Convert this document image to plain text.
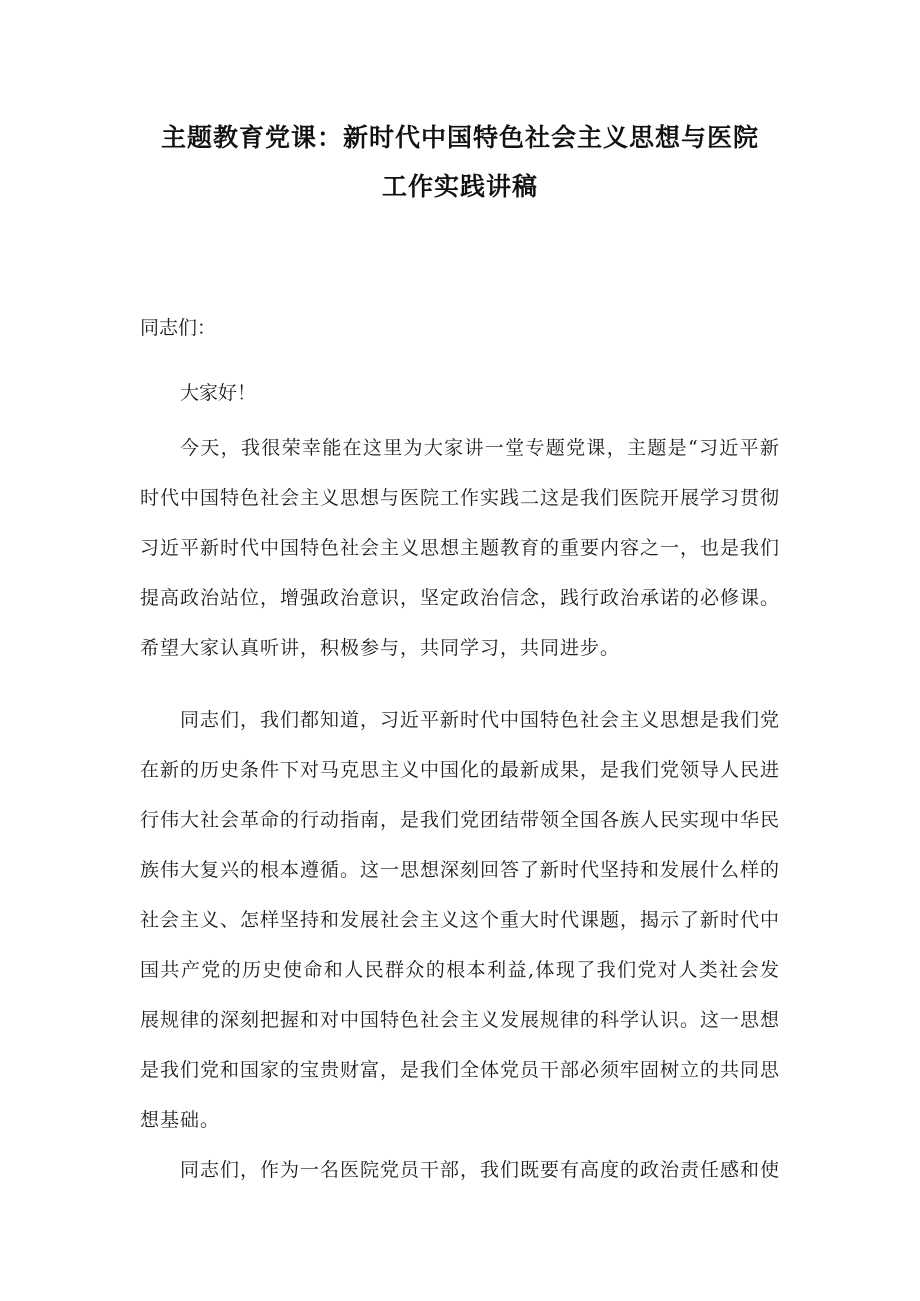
主题教育党课：新时代中国特色社会主义思想与医院
工作实践讲稿
同志们：
大家好！
今天，我很荣幸能在这里为大家讲一堂专题党课，主题是“习近平新时代中国特色社会主义思想与医院工作实践二这是我们医院开展学习贯彻习近平新时代中国特色社会主义思想主题教育的重要内容之一，也是我们提高政治站位，增强政治意识，坚定政治信念，践行政治承诺的必修课。希望大家认真听讲，积极参与，共同学习，共同进步。
同志们，我们都知道，习近平新时代中国特色社会主义思想是我们党在新的历史条件下对马克思主义中国化的最新成果，是我们党领导人民进行伟大社会革命的行动指南，是我们党团结带领全国各族人民实现中华民族伟大复兴的根本遵循。这一思想深刻回答了新时代坚持和发展什么样的社会主义、怎样坚持和发展社会主义这个重大时代课题，揭示了新时代中国共产党的历史使命和人民群众的根本利益,体现了我们党对人类社会发展规律的深刻把握和对中国特色社会主义发展规律的科学认识。这一思想是我们党和国家的宝贵财富，是我们全体党员干部必须牢固树立的共同思想基础。
同志们，作为一名医院党员干部，我们既要有高度的政治责任感和使
